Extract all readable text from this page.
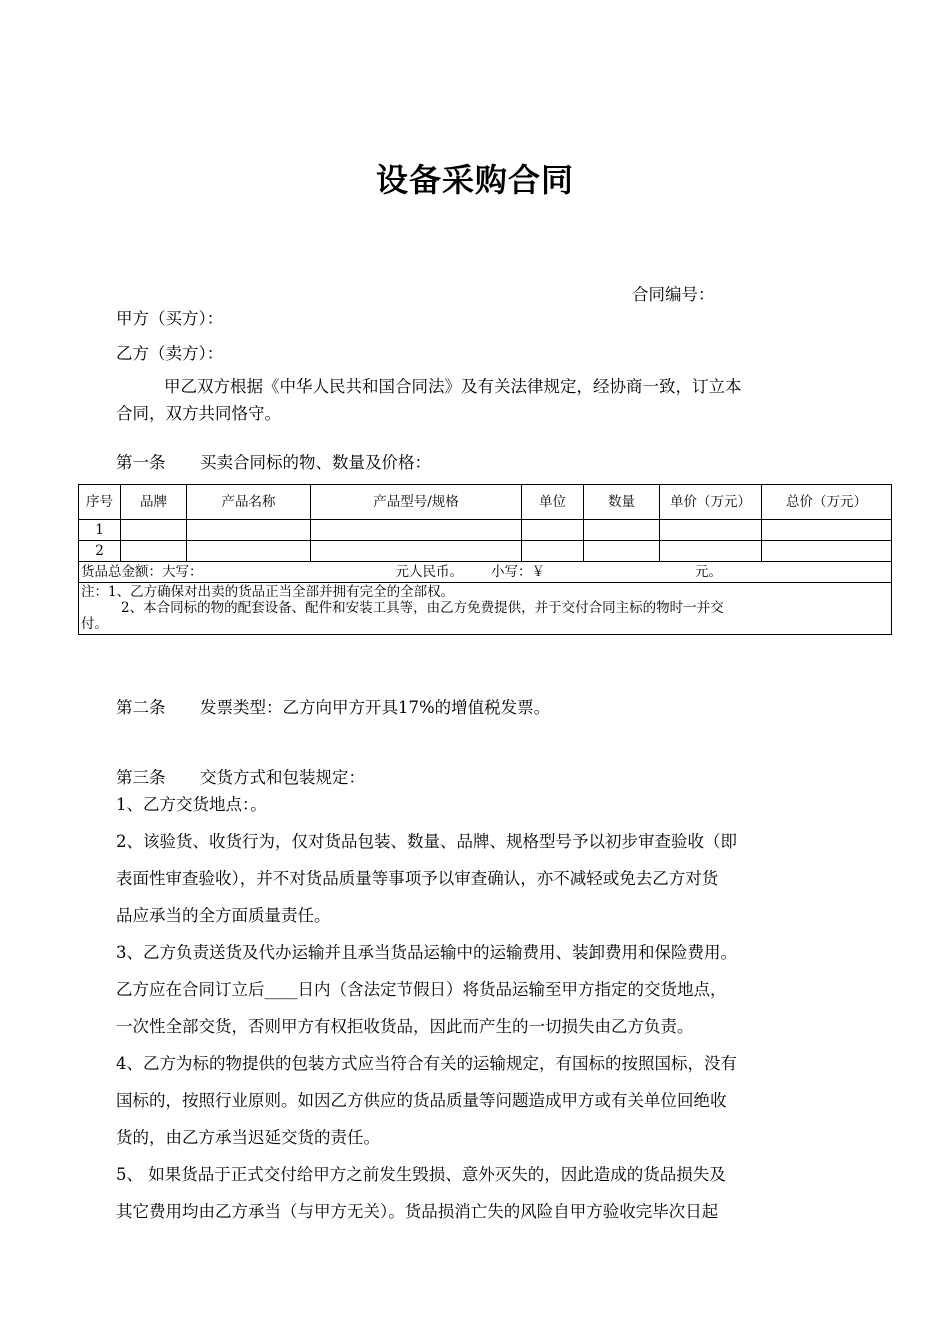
设备采购合同
合同编号：
甲方（买方）：
乙方（卖方）：
甲乙双方根据《中华人民共和国合同法》及有关法律规定，经协商一致，订立本
合同，双方共同恪守。
第一条 买卖合同标的物、数量及价格：
序号	品牌	产品名称	产品型号/规格	单位	数量	单价（万元）	总价（万元）
1							
2							
货品总金额：大写： 元人民币。 小写：￥ 元。							

注：1、乙方确保对出卖的货品正当全部并拥有完全的全部权。
2、本合同标的物的配套设备、配件和安装工具等，由乙方免费提供，并于交付合同主标的物时一并交
付。							
第二条 发票类型：乙方向甲方开具17%的增值税发票。
第三条 交货方式和包装规定：
1、乙方交货地点：。
2、该验货、收货行为，仅对货品包装、数量、品牌、规格型号予以初步审查验收（即
表面性审查验收），并不对货品质量等事项予以审查确认，亦不减轻或免去乙方对货
品应承当的全方面质量责任。
3、乙方负责送货及代办运输并且承当货品运输中的运输费用、装卸费用和保险费用。
乙方应在合同订立后____日内（含法定节假日）将货品运输至甲方指定的交货地点，
一次性全部交货，否则甲方有权拒收货品，因此而产生的一切损失由乙方负责。
4、乙方为标的物提供的包装方式应当符合有关的运输规定，有国标的按照国标，没有
国标的，按照行业原则。如因乙方供应的货品质量等问题造成甲方或有关单位回绝收
货的，由乙方承当迟延交货的责任。
5、 如果货品于正式交付给甲方之前发生毁损、意外灭失的，因此造成的货品损失及
其它费用均由乙方承当（与甲方无关）。货品损消亡失的风险自甲方验收完毕次日起
